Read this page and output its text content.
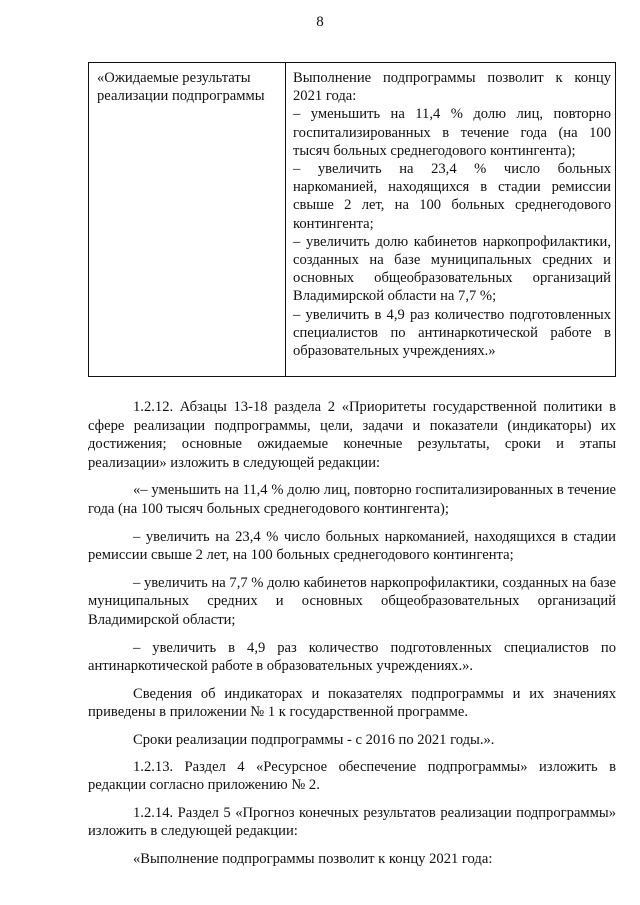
8
«Ожидаемые результаты
реализации подпрограммы

Выполнение подпрограммы позволит к концу
2021 года:
– уменьшить на 11,4 % долю лиц, повторно
госпитализированных в течение года (на 100
тысяч больных среднегодового контингента);
– увеличить на 23,4 % число больных
наркоманией, находящихся в стадии ремиссии
свыше 2 лет, на 100 больных среднегодового
контингента;
– увеличить долю кабинетов наркопрофилактики,
созданных на базе муниципальных средних и
основных общеобразовательных организаций
Владимирской области на 7,7 %;
– увеличить в 4,9 раз количество подготовленных
специалистов по антинаркотической работе в
образовательных учреждениях.»

1.2.12. Абзацы 13-18 раздела 2 «Приоритеты государственной политики в сфере реализации подпрограммы, цели, задачи и показатели (индикаторы) их достижения; основные ожидаемые конечные результаты, сроки и этапы реализации» изложить в следующей редакции:

«– уменьшить на 11,4 % долю лиц, повторно госпитализированных в течение года (на 100 тысяч больных среднегодового контингента);

– увеличить на 23,4 % число больных наркоманией, находящихся в стадии ремиссии свыше 2 лет, на 100 больных среднегодового контингента;

– увеличить на 7,7 % долю кабинетов наркопрофилактики, созданных на базе муниципальных средних и основных общеобразовательных организаций Владимирской области;

– увеличить в 4,9 раз количество подготовленных специалистов по антинаркотической работе в образовательных учреждениях.».

Сведения об индикаторах и показателях подпрограммы и их значениях приведены в приложении № 1 к государственной программе.

Сроки реализации подпрограммы - с 2016 по 2021 годы.».

1.2.13. Раздел 4 «Ресурсное обеспечение подпрограммы» изложить в редакции согласно приложению № 2.

1.2.14. Раздел 5 «Прогноз конечных результатов реализации подпрограммы» изложить в следующей редакции:

«Выполнение подпрограммы позволит к концу 2021 года:
